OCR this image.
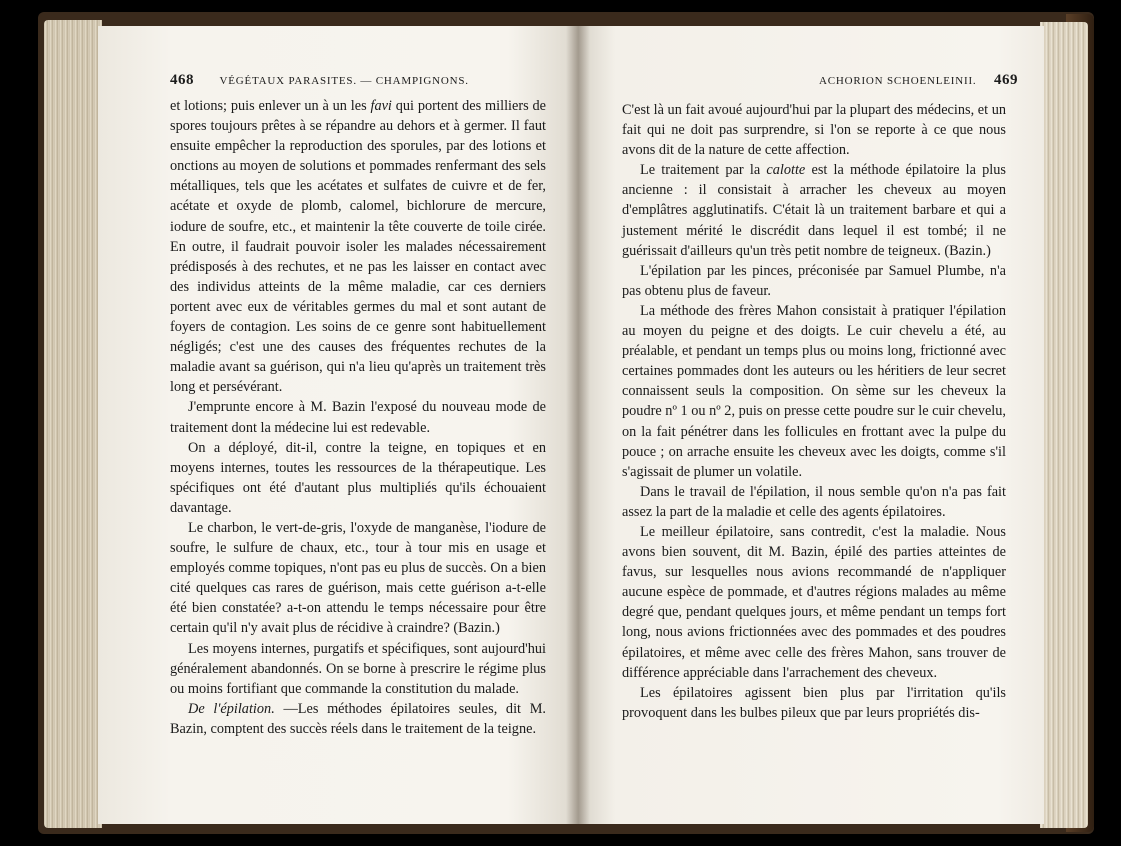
468 VÉGÉTAUX PARASITES. — CHAMPIGNONS.

et lotions; puis enlever un à un les favi qui portent des milliers de spores toujours prêtes à se répandre au dehors et à germer. Il faut ensuite empêcher la reproduction des sporules, par des lotions et onctions au moyen de solutions et pommades renfermant des sels métalliques, tels que les acétates et sulfates de cuivre et de fer, acétate et oxyde de plomb, calomel, bichlorure de mercure, iodure de soufre, etc., et maintenir la tête couverte de toile cirée. En outre, il faudrait pouvoir isoler les malades nécessairement prédisposés à des rechutes, et ne pas les laisser en contact avec des individus atteints de la même maladie, car ces derniers portent avec eux de véritables germes du mal et sont autant de foyers de contagion. Les soins de ce genre sont habituellement négligés; c'est une des causes des fréquentes rechutes de la maladie avant sa guérison, qui n'a lieu qu'après un traitement très long et persévérant.

J'emprunte encore à M. Bazin l'exposé du nouveau mode de traitement dont la médecine lui est redevable.

On a déployé, dit-il, contre la teigne, en topiques et en moyens internes, toutes les ressources de la thérapeutique. Les spécifiques ont été d'autant plus multipliés qu'ils échouaient davantage.

Le charbon, le vert-de-gris, l'oxyde de manganèse, l'iodure de soufre, le sulfure de chaux, etc., tour à tour mis en usage et employés comme topiques, n'ont pas eu plus de succès. On a bien cité quelques cas rares de guérison, mais cette guérison a-t-elle été bien constatée? a-t-on attendu le temps nécessaire pour être certain qu'il n'y avait plus de récidive à craindre? (Bazin.)

Les moyens internes, purgatifs et spécifiques, sont aujourd'hui généralement abandonnés. On se borne à prescrire le régime plus ou moins fortifiant que commande la constitution du malade.

De l'épilation. —Les méthodes épilatoires seules, dit M. Bazin, comptent des succès réels dans le traitement de la teigne.

ACHORION SCHOENLEINII. 469

C'est là un fait avoué aujourd'hui par la plupart des médecins, et un fait qui ne doit pas surprendre, si l'on se reporte à ce que nous avons dit de la nature de cette affection.

Le traitement par la calotte est la méthode épilatoire la plus ancienne : il consistait à arracher les cheveux au moyen d'emplâtres agglutinatifs. C'était là un traitement barbare et qui a justement mérité le discrédit dans lequel il est tombé; il ne guérissait d'ailleurs qu'un très petit nombre de teigneux. (Bazin.)

L'épilation par les pinces, préconisée par Samuel Plumbe, n'a pas obtenu plus de faveur.

La méthode des frères Mahon consistait à pratiquer l'épilation au moyen du peigne et des doigts. Le cuir chevelu a été, au préalable, et pendant un temps plus ou moins long, frictionné avec certaines pommades dont les auteurs ou les héritiers de leur secret connaissent seuls la composition. On sème sur les cheveux la poudre nº 1 ou nº 2, puis on presse cette poudre sur le cuir chevelu, on la fait pénétrer dans les follicules en frottant avec la pulpe du pouce ; on arrache ensuite les cheveux avec les doigts, comme s'il s'agissait de plumer un volatile.

Dans le travail de l'épilation, il nous semble qu'on n'a pas fait assez la part de la maladie et celle des agents épilatoires.

Le meilleur épilatoire, sans contredit, c'est la maladie. Nous avons bien souvent, dit M. Bazin, épilé des parties atteintes de favus, sur lesquelles nous avions recommandé de n'appliquer aucune espèce de pommade, et d'autres régions malades au même degré que, pendant quelques jours, et même pendant un temps fort long, nous avions frictionnées avec des pommades et des poudres épilatoires, et même avec celle des frères Mahon, sans trouver de différence appréciable dans l'arrachement des cheveux.

Les épilatoires agissent bien plus par l'irritation qu'ils provoquent dans les bulbes pileux que par leurs propriétés dis-
